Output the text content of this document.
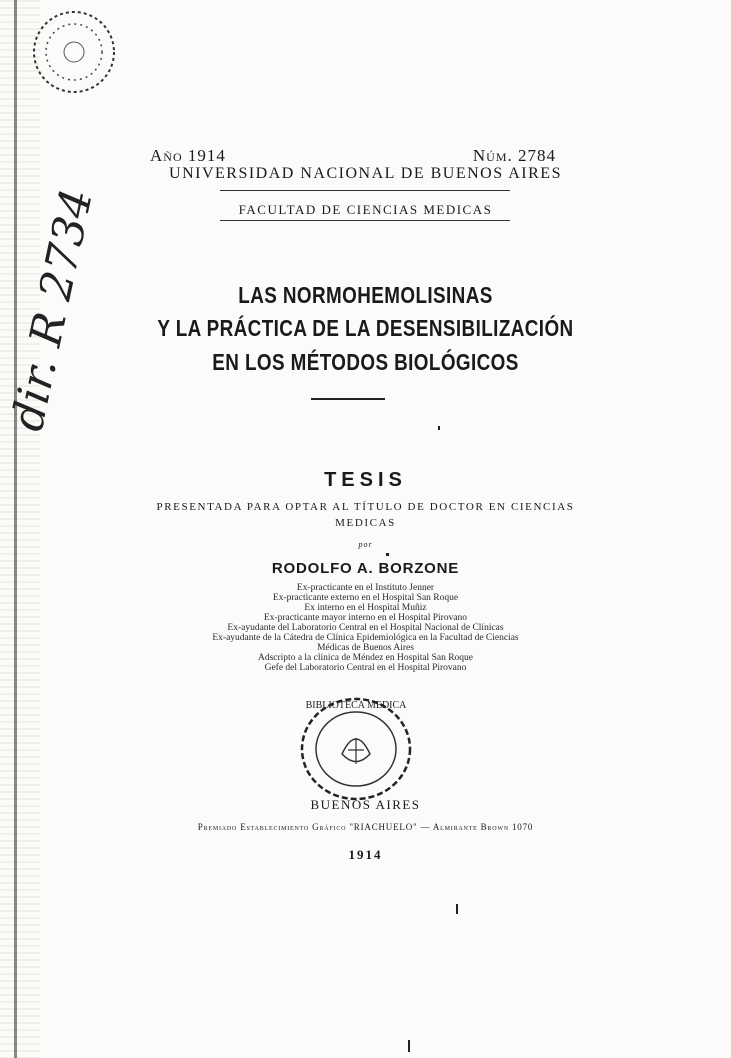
dir. R 2734
Año 1914	Núm. 2784
UNIVERSIDAD NACIONAL DE BUENOS AIRES
FACULTAD DE CIENCIAS MEDICAS
LAS NORMOHEMOLISINAS
Y LA PRÁCTICA DE LA DESENSIBILIZACIÓN
EN LOS MÉTODOS BIOLÓGICOS
TESIS
PRESENTADA PARA OPTAR AL TÍTULO DE DOCTOR EN CIENCIAS
MEDICAS
por
RODOLFO A. BORZONE
Ex-practicante en el Instituto Jenner
Ex-practicante externo en el Hospital San Roque
Ex interno en el Hospital Muñiz
Ex-practicante mayor interno en el Hospital Pirovano
Ex-ayudante del Laboratorio Central en el Hospital Nacional de Clínicas
Ex-ayudante de la Cátedra de Clínica Epidemiológica en la Facultad de Ciencias
Médicas de Buenos Aires
Adscripto a la clínica de Méndez en Hospital San Roque
Gefe del Laboratorio Central en el Hospital Pirovano
BIBLIOTECA MEDICA
BUENOS AIRES
Premiado Establecimiento Gráfico "RIACHUELO" — Almirante Brown 1070
1914
